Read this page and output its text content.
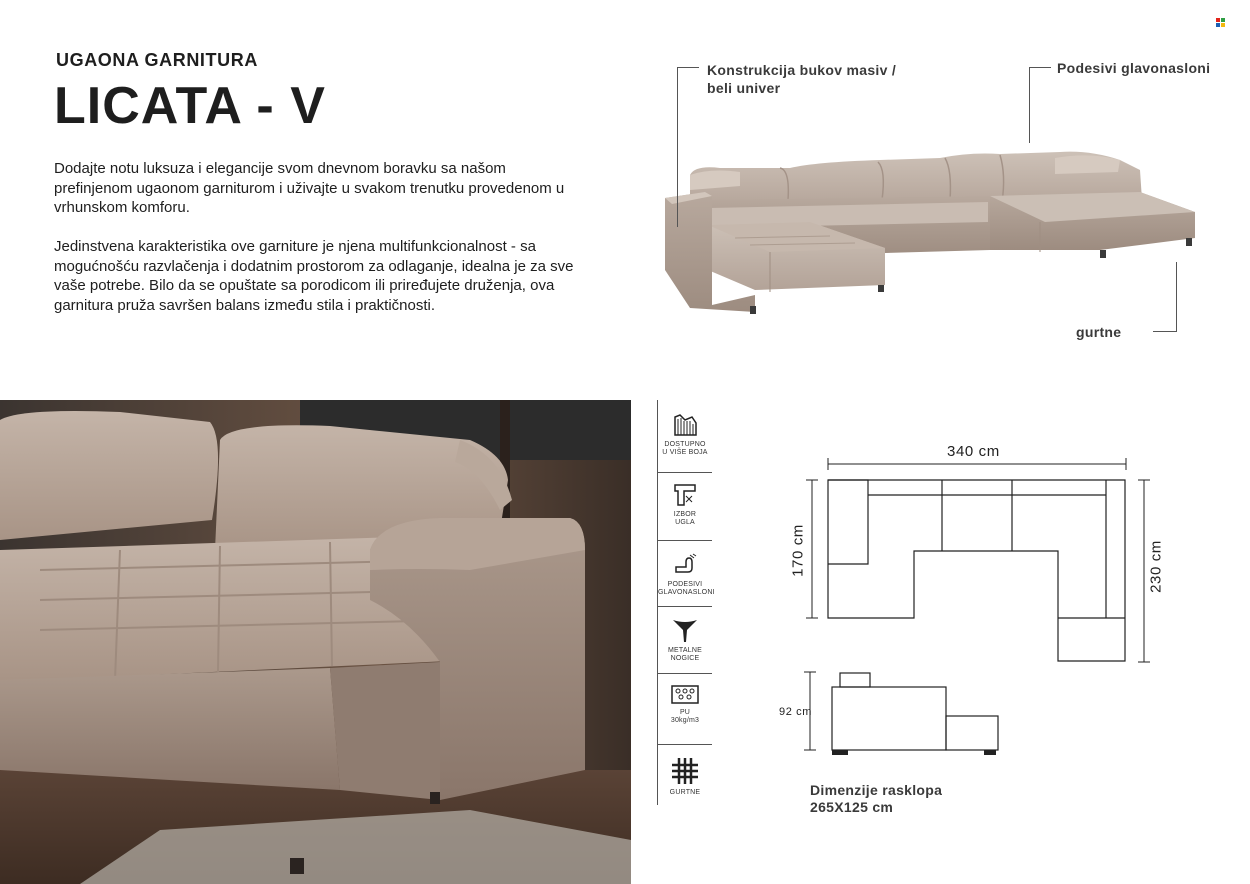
UGAONA GARNITURA
LICATA - V
Dodajte notu luksuza i elegancije svom dnevnom boravku sa našom prefinjenom ugaonom garniturom i uživajte u svakom trenutku provedenom u vrhunskom komforu.
Jedinstvena karakteristika ove garniture je njena multifunkcionalnost - sa mogućnošću razvlačenja i dodatnim prostorom za odlaganje, idealna je za sve vaše potrebe. Bilo da se opuštate sa porodicom ili priređujete druženja, ova garnitura pruža savršen balans između stila i praktičnosti.
Konstrukcija bukov masiv /
beli univer
Podesivi glavonasloni
gurtne
DOSTUPNO
U VIŠE BOJA
IZBOR
UGLA
PODESIVI
GLAVONASLONI
METALNE
NOGICE
PU
30kg/m3
GURTNE
340 cm
170 cm	230 cm
92 cm
Dimenzije rasklopa
265X125 cm
